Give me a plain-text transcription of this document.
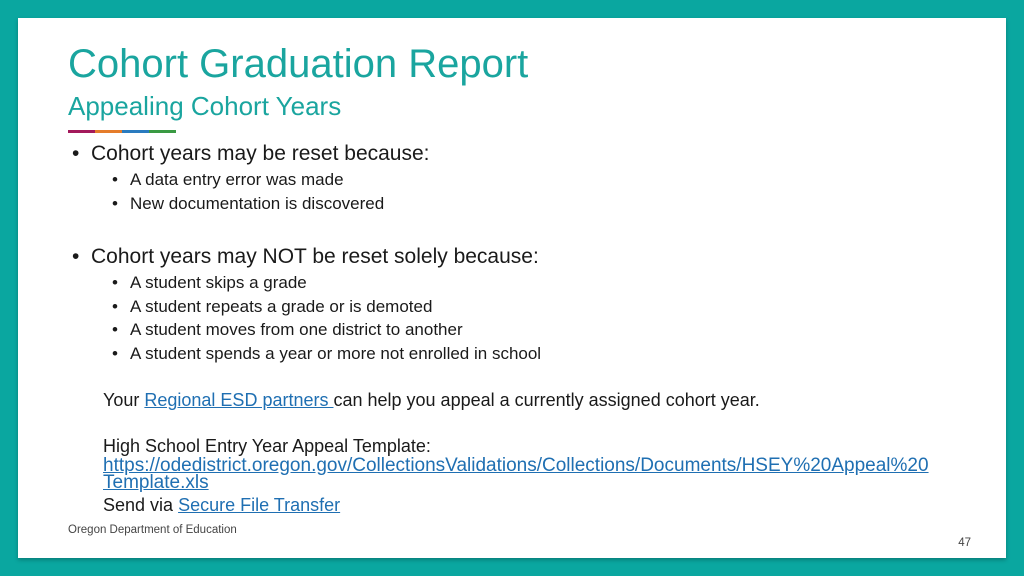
Cohort Graduation Report
Appealing Cohort Years
• Cohort years may be reset because:
• A data entry error was made
• New documentation is discovered
• Cohort years may NOT be reset solely because:
• A student skips a grade
• A student repeats a grade or is demoted
• A student moves from one district to another
• A student spends a year or more not enrolled in school
Your Regional ESD partners can help you appeal a currently assigned cohort year.
High School Entry Year Appeal Template:
https://odedistrict.oregon.gov/CollectionsValidations/Collections/Documents/HSEY%20Appeal%20
Template.xls
Send via Secure File Transfer
Oregon Department of Education
47
